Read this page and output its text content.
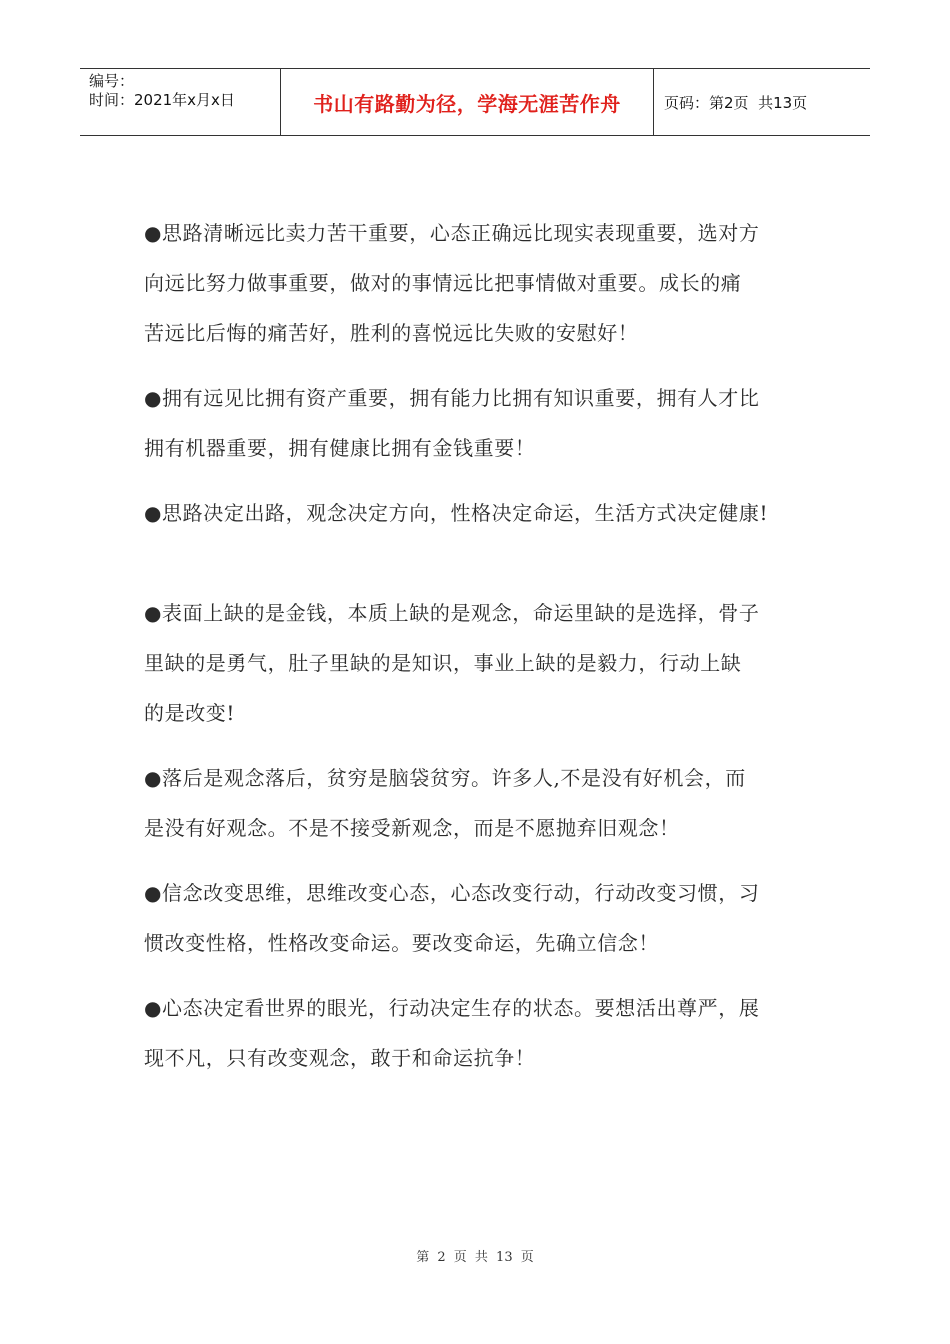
编号：
时间：2021年x月x日	书山有路勤为径，学海无涯苦作舟	页码：第2页  共13页
●思路清晰远比卖力苦干重要，心态正确远比现实表现重要，选对方
向远比努力做事重要，做对的事情远比把事情做对重要。成长的痛
苦远比后悔的痛苦好，胜利的喜悦远比失败的安慰好！
●拥有远见比拥有资产重要，拥有能力比拥有知识重要，拥有人才比
拥有机器重要，拥有健康比拥有金钱重要！
●思路决定出路，观念决定方向，性格决定命运，生活方式决定健康!
●表面上缺的是金钱，本质上缺的是观念，命运里缺的是选择，骨子
里缺的是勇气，肚子里缺的是知识，事业上缺的是毅力，行动上缺
的是改变!
●落后是观念落后，贫穷是脑袋贫穷。许多人,不是没有好机会，而
是没有好观念。不是不接受新观念，而是不愿抛弃旧观念！
●信念改变思维，思维改变心态，心态改变行动，行动改变习惯，习
惯改变性格，性格改变命运。要改变命运，先确立信念！
●心态决定看世界的眼光，行动决定生存的状态。要想活出尊严，展
现不凡，只有改变观念，敢于和命运抗争！
第 2 页 共 13 页
